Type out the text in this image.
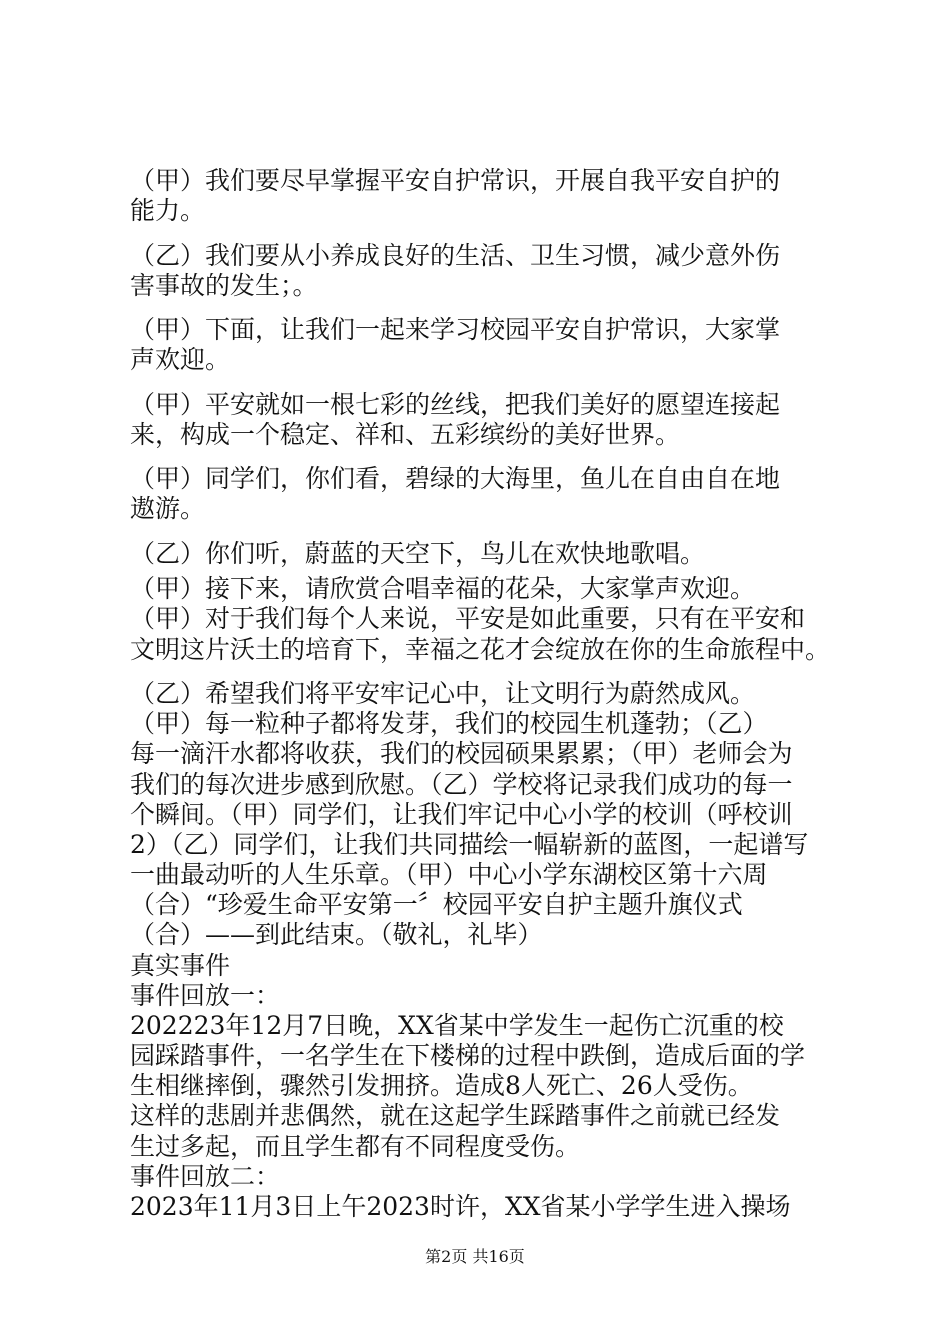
（甲）我们要尽早掌握平安自护常识，开展自我平安自护的
能力。
（乙）我们要从小养成良好的生活、卫生习惯，减少意外伤
害事故的发生；。
（甲）下面，让我们一起来学习校园平安自护常识，大家掌
声欢迎。
（甲）平安就如一根七彩的丝线，把我们美好的愿望连接起
来，构成一个稳定、祥和、五彩缤纷的美好世界。
（甲）同学们，你们看，碧绿的大海里，鱼儿在自由自在地
遨游。
（乙）你们听，蔚蓝的天空下，鸟儿在欢快地歌唱。
（甲）接下来，请欣赏合唱幸福的花朵，大家掌声欢迎。
（甲）对于我们每个人来说，平安是如此重要，只有在平安和
文明这片沃土的培育下，幸福之花才会绽放在你的生命旅程中。
（乙）希望我们将平安牢记心中，让文明行为蔚然成风。
（甲）每一粒种子都将发芽，我们的校园生机蓬勃；（乙）
每一滴汗水都将收获，我们的校园硕果累累；（甲）老师会为
我们的每次进步感到欣慰。（乙）学校将记录我们成功的每一
个瞬间。（甲）同学们，让我们牢记中心小学的校训（呼校训
2）（乙）同学们，让我们共同描绘一幅崭新的蓝图，一起谱写
一曲最动听的人生乐章。（甲）中心小学东湖校区第十六周
（合）“珍爱生命平安第一〞校园平安自护主题升旗仪式
（合）——到此结束。（敬礼，礼毕）
真实事件
事件回放一：
202223年12月7日晚，XX省某中学发生一起伤亡沉重的校
园踩踏事件，一名学生在下楼梯的过程中跌倒，造成后面的学
生相继摔倒，骤然引发拥挤。造成8人死亡、26人受伤。
这样的悲剧并悲偶然，就在这起学生踩踏事件之前就已经发
生过多起，而且学生都有不同程度受伤。
事件回放二：
2023年11月3日上午2023时许，XX省某小学学生进入操场
第2页 共16页
